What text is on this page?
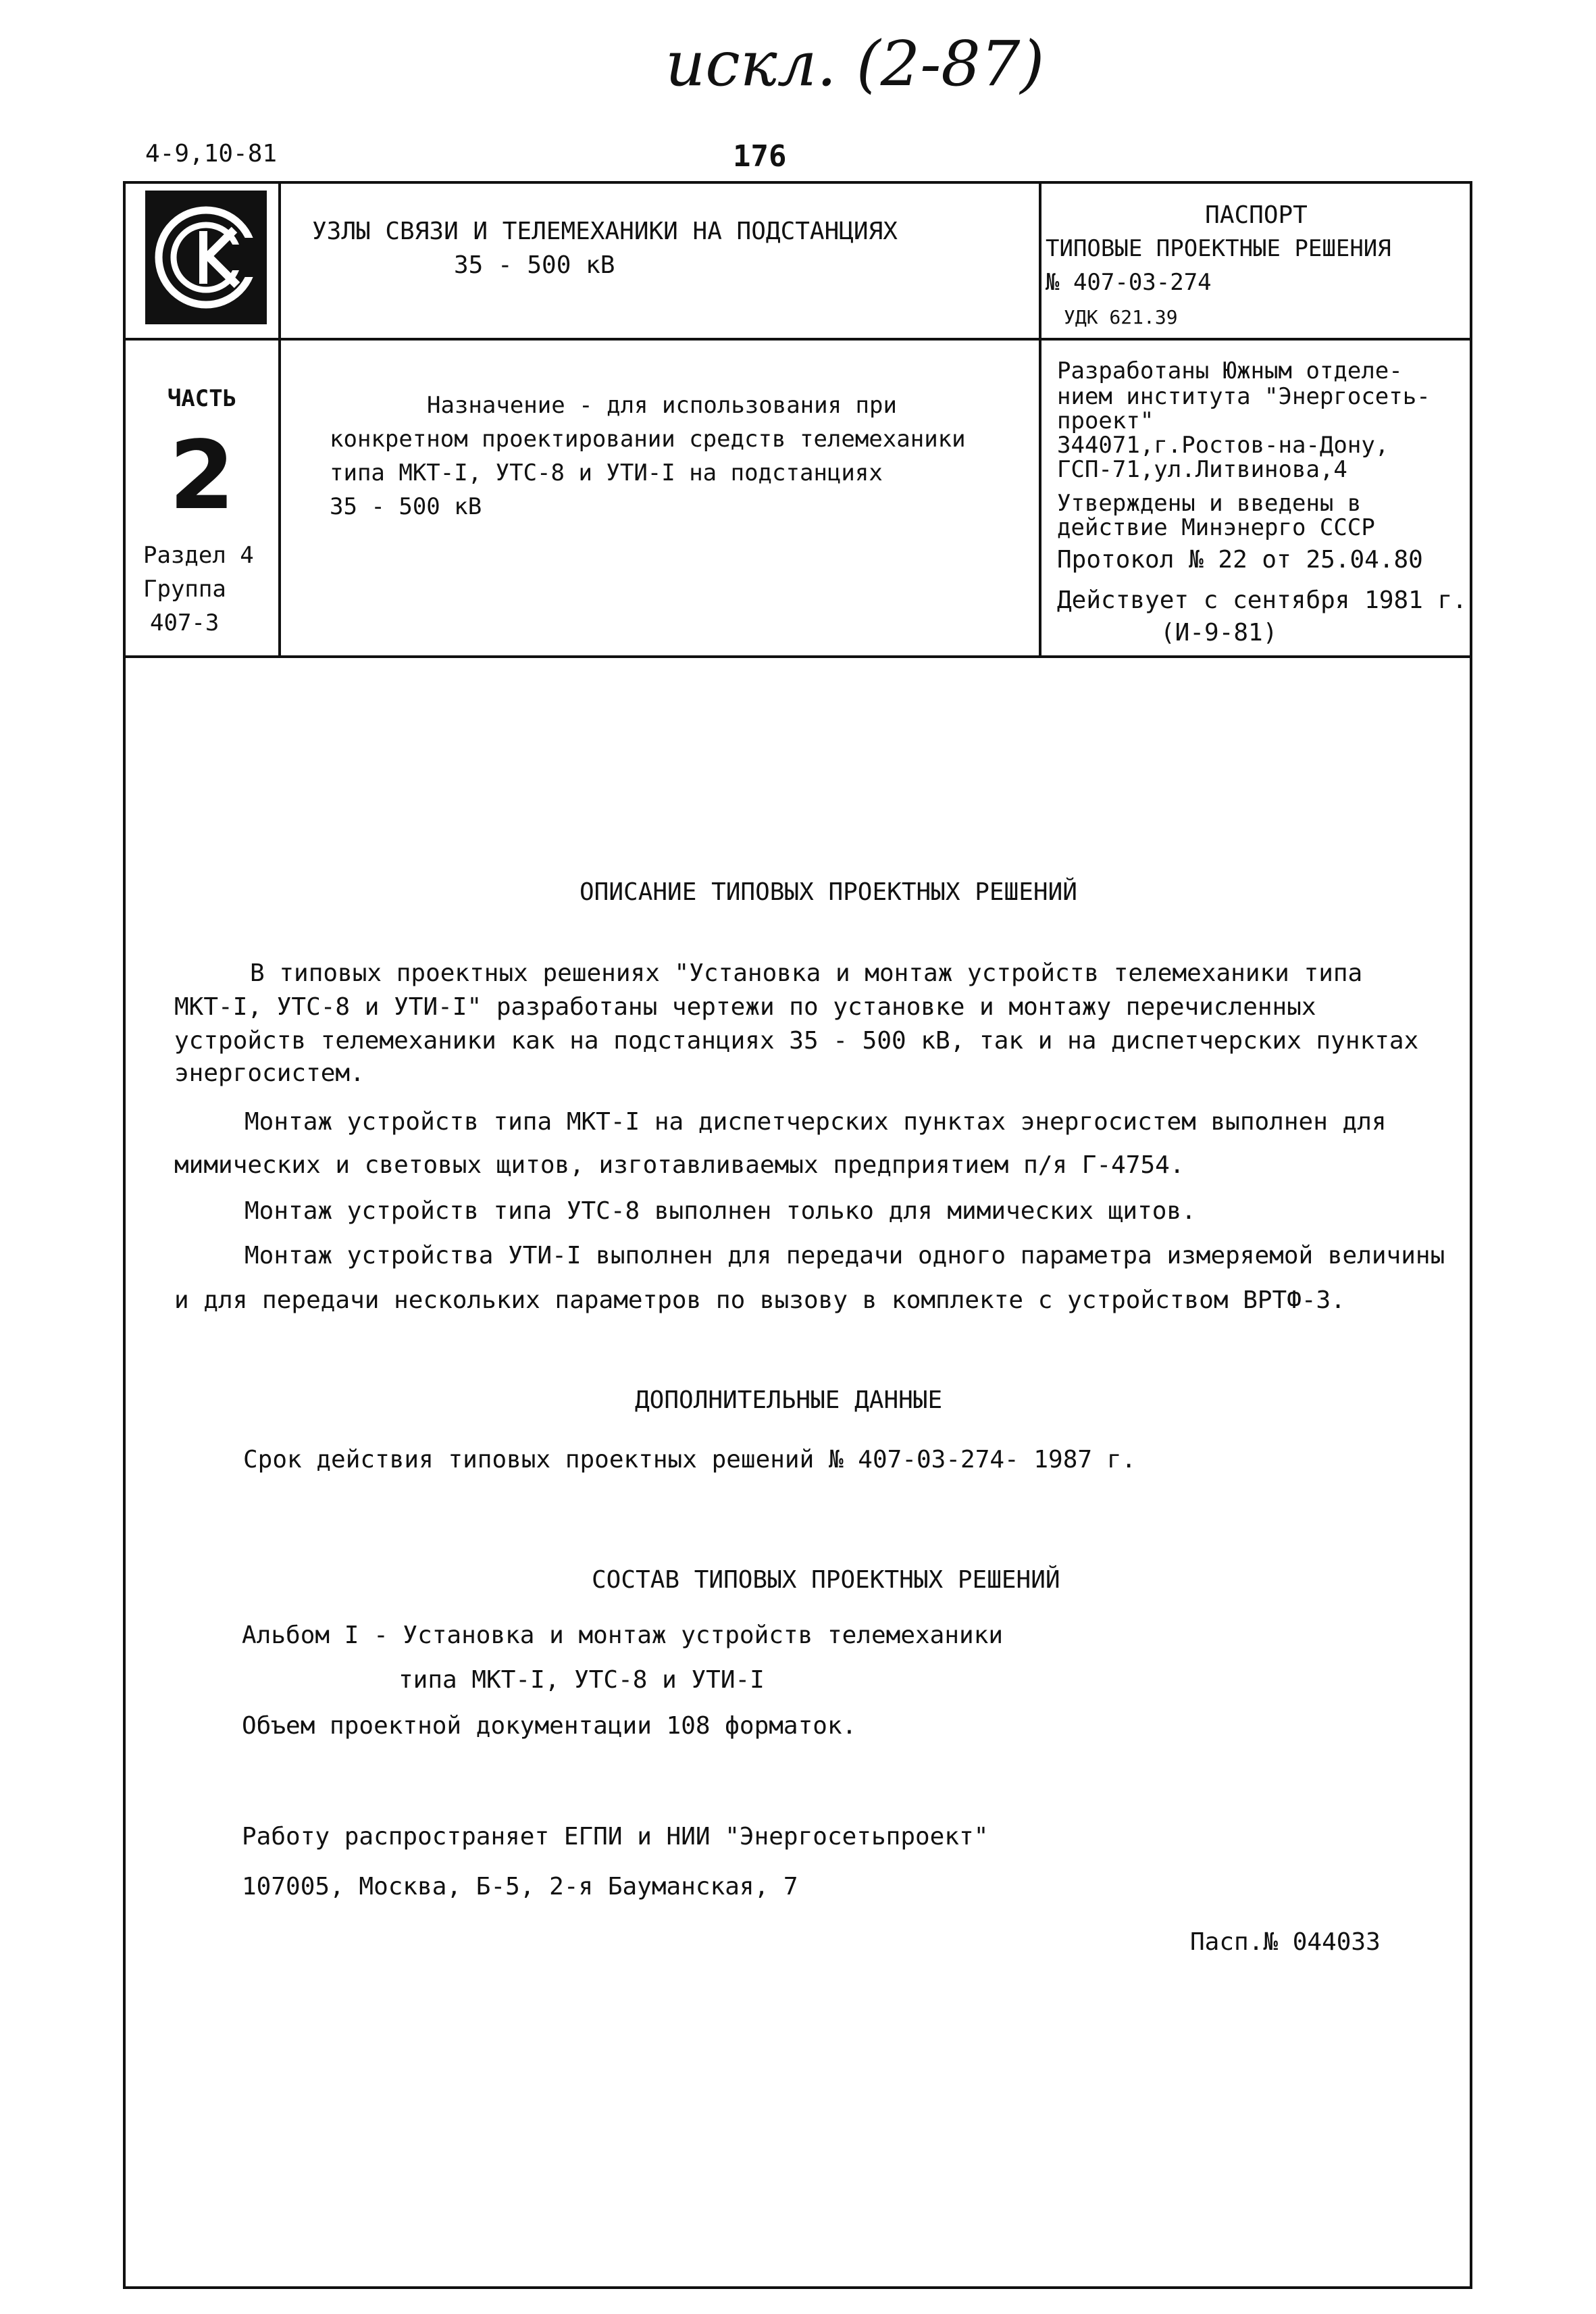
искл. (2-87)
4-9,10-81	176
УЗЛЫ СВЯЗИ И ТЕЛЕМЕХАНИКИ НА ПОДСТАНЦИЯХ
35 - 500 кВ
ПАСПОРТ
ТИПОВЫЕ ПРОЕКТНЫЕ РЕШЕНИЯ
№ 407-03-274
УДК 621.39
ЧАСТЬ
2
Раздел 4
Группа
407-3
Назначение - для использования при
конкретном проектировании средств телемеханики
типа МКТ-I, УТС-8 и УТИ-I на подстанциях
35 - 500 кВ
Разработаны Южным отделе-
нием института "Энергосеть-
проект"
344071,г.Ростов-на-Дону,
ГСП-71,ул.Литвинова,4
Утверждены и введены в
действие Минэнерго СССР
Протокол № 22 от 25.04.80
Действует с сентября 1981 г.
(И-9-81)
ОПИСАНИЕ ТИПОВЫХ ПРОЕКТНЫХ РЕШЕНИЙ
В типовых проектных решениях "Установка и монтаж устройств телемеханики типа
МКТ-I, УТС-8 и УТИ-I" разработаны чертежи по установке и монтажу перечисленных
устройств телемеханики как на подстанциях 35 - 500 кВ, так и на диспетчерских пунктах
энергосистем.
Монтаж устройств типа МКТ-I на диспетчерских пунктах энергосистем выполнен для
мимических и световых щитов, изготавливаемых предприятием п/я Г-4754.
Монтаж устройств типа УТС-8 выполнен только для мимических щитов.
Монтаж устройства УТИ-I выполнен для передачи одного параметра измеряемой величины
и для передачи нескольких параметров по вызову в комплекте с устройством ВРТФ-3.
ДОПОЛНИТЕЛЬНЫЕ ДАННЫЕ
Срок действия типовых проектных решений № 407-03-274- 1987 г.
СОСТАВ ТИПОВЫХ ПРОЕКТНЫХ РЕШЕНИЙ
Альбом I - Установка и монтаж устройств телемеханики
типа МКТ-I, УТС-8 и УТИ-I
Объем проектной документации 108 форматок.
Работу распространяет ЕГПИ и НИИ "Энергосетьпроект"
107005, Москва, Б-5, 2-я Бауманская, 7
Пасп.№ 044033
